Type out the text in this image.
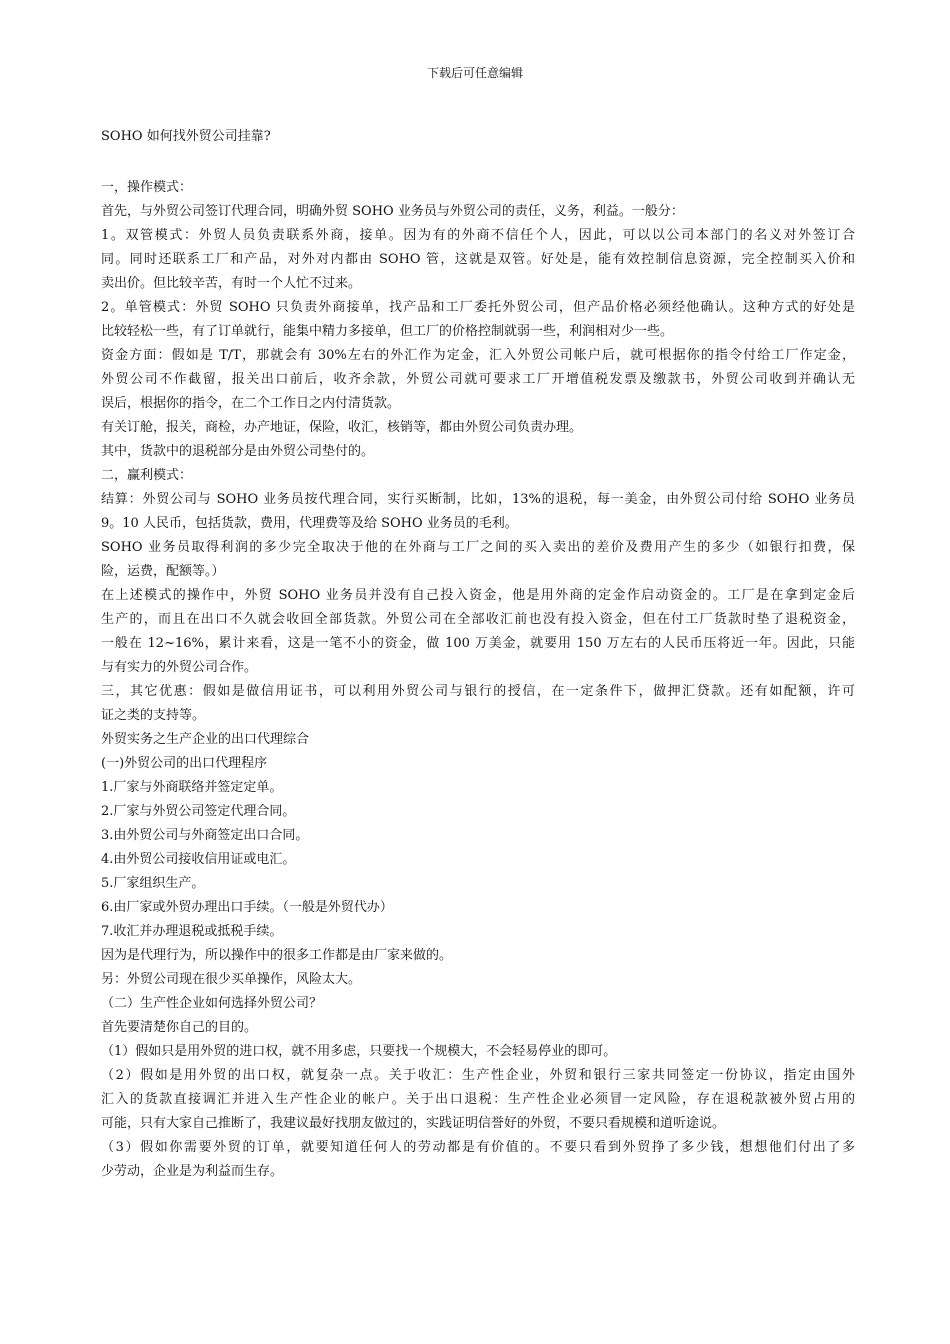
下载后可任意编辑
SOHO 如何找外贸公司挂靠?
一，操作模式：
首先，与外贸公司签订代理合同，明确外贸 SOHO 业务员与外贸公司的责任，义务，利益。一般分：
1。双管模式：外贸人员负责联系外商，接单。因为有的外商不信任个人，因此，可以以公司本部门的名义对外签订合
同。同时还联系工厂和产品，对外对内都由 SOHO 管，这就是双管。好处是，能有效控制信息资源，完全控制买入价和
卖出价。但比较辛苦，有时一个人忙不过来。
2。单管模式：外贸 SOHO 只负责外商接单，找产品和工厂委托外贸公司，但产品价格必须经他确认。这种方式的好处是
比较轻松一些，有了订单就行，能集中精力多接单，但工厂的价格控制就弱一些，利润相对少一些。
资金方面：假如是 T/T，那就会有 30%左右的外汇作为定金，汇入外贸公司帐户后，就可根据你的指令付给工厂作定金，
外贸公司不作截留，报关出口前后，收齐余款，外贸公司就可要求工厂开增值税发票及缴款书，外贸公司收到并确认无
误后，根据你的指令，在二个工作日之内付清货款。
有关订舱，报关，商检，办产地证，保险，收汇，核销等，都由外贸公司负责办理。
其中，货款中的退税部分是由外贸公司垫付的。
二，赢利模式：
结算：外贸公司与 SOHO 业务员按代理合同，实行买断制，比如，13%的退税，每一美金，由外贸公司付给 SOHO 业务员
9。10 人民币，包括货款，费用，代理费等及给 SOHO 业务员的毛利。
SOHO 业务员取得利润的多少完全取决于他的在外商与工厂之间的买入卖出的差价及费用产生的多少（如银行扣费，保
险，运费，配额等。）
在上述模式的操作中，外贸 SOHO 业务员并没有自己投入资金，他是用外商的定金作启动资金的。工厂是在拿到定金后
生产的，而且在出口不久就会收回全部货款。外贸公司在全部收汇前也没有投入资金，但在付工厂货款时垫了退税资金，
一般在 12~16%，累计来看，这是一笔不小的资金，做 100 万美金，就要用 150 万左右的人民币压将近一年。因此，只能
与有实力的外贸公司合作。
三，其它优惠：假如是做信用证书，可以利用外贸公司与银行的授信，在一定条件下，做押汇贷款。还有如配额，许可
证之类的支持等。
外贸实务之生产企业的出口代理综合
(一)外贸公司的出口代理程序
1.厂家与外商联络并签定定单。
2.厂家与外贸公司签定代理合同。
3.由外贸公司与外商签定出口合同。
4.由外贸公司接收信用证或电汇。
5.厂家组织生产。
6.由厂家或外贸办理出口手续。（一般是外贸代办）
7.收汇并办理退税或抵税手续。
因为是代理行为，所以操作中的很多工作都是由厂家来做的。
另：外贸公司现在很少买单操作，风险太大。
（二）生产性企业如何选择外贸公司？
首先要清楚你自己的目的。
（1）假如只是用外贸的进口权，就不用多虑，只要找一个规模大，不会轻易停业的即可。
（2）假如是用外贸的出口权，就复杂一点。关于收汇：生产性企业，外贸和银行三家共同签定一份协议，指定由国外
汇入的货款直接调汇并进入生产性企业的帐户。关于出口退税：生产性企业必须冒一定风险，存在退税款被外贸占用的
可能，只有大家自己推断了，我建议最好找朋友做过的，实践证明信誉好的外贸，不要只看规模和道听途说。
（3）假如你需要外贸的订单，就要知道任何人的劳动都是有价值的。不要只看到外贸挣了多少钱，想想他们付出了多
少劳动，企业是为利益而生存。
